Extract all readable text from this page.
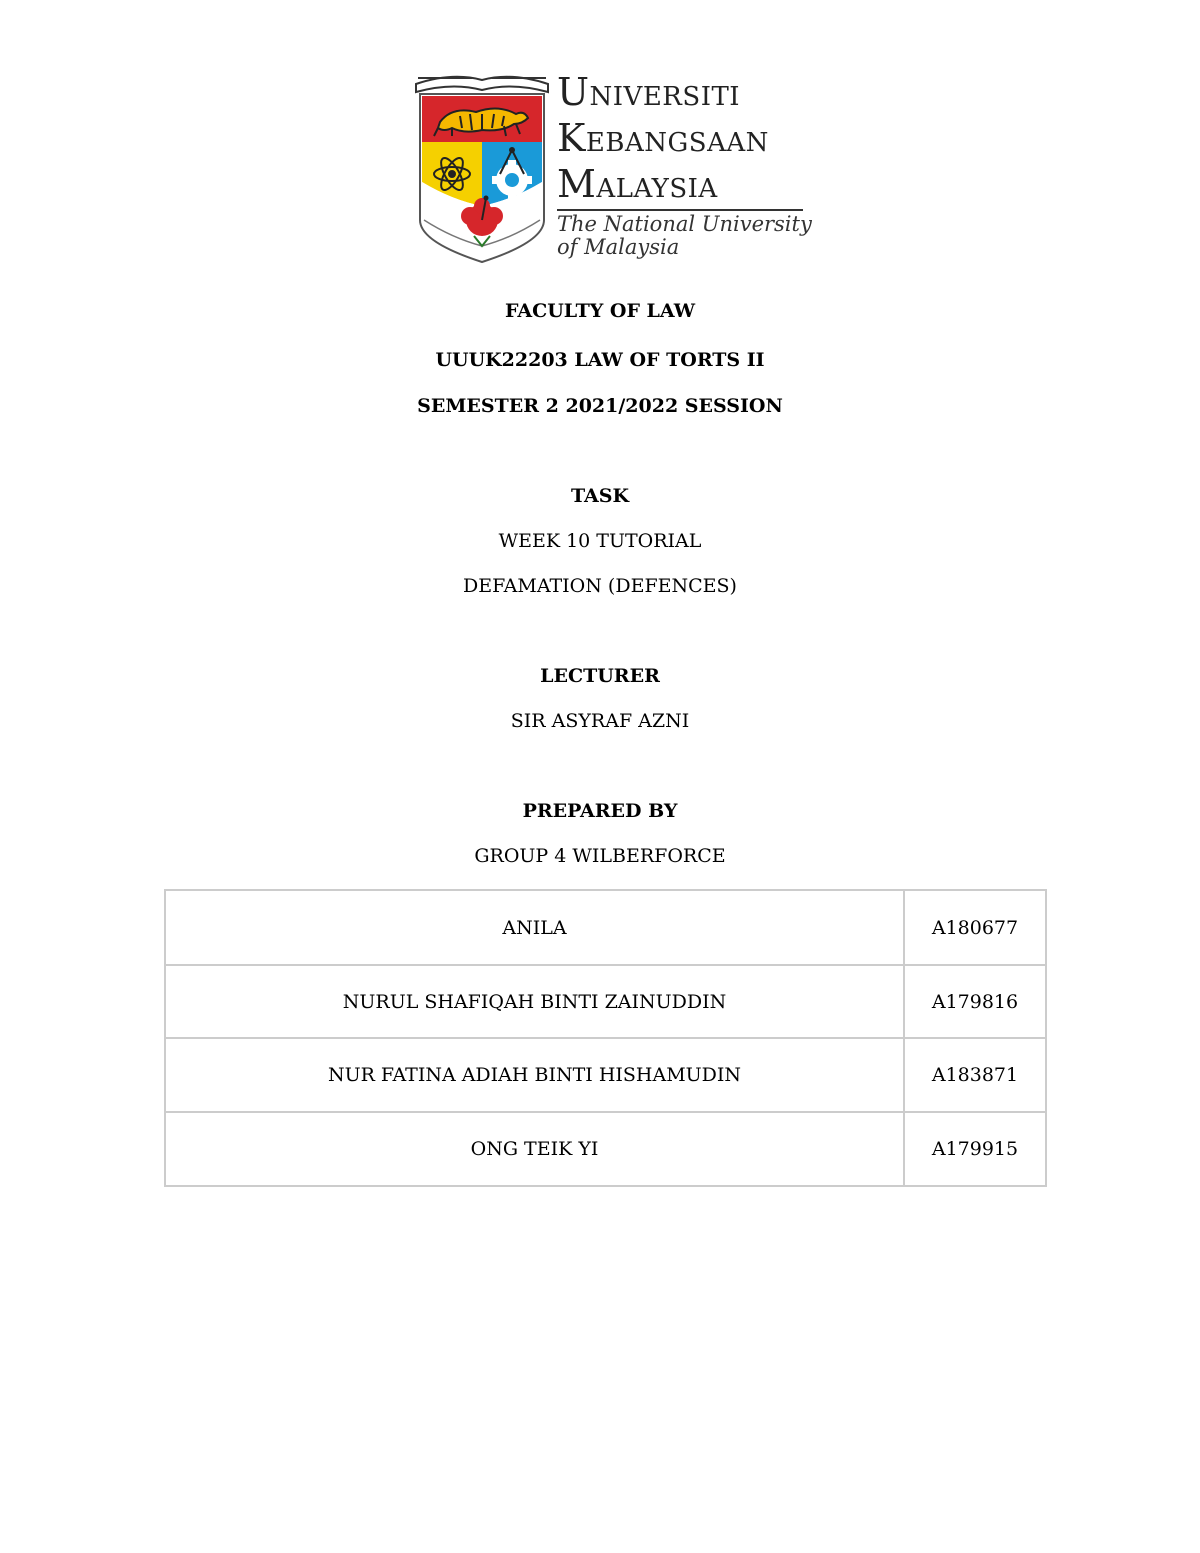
UNIVERSITI
KEBANGSAAN
MALAYSIA
The National University
of Malaysia
FACULTY OF LAW
UUUK22203 LAW OF TORTS II
SEMESTER 2 2021/2022 SESSION
TASK
WEEK 10 TUTORIAL
DEFAMATION (DEFENCES)
LECTURER
SIR ASYRAF AZNI
PREPARED BY
GROUP 4 WILBERFORCE
ANILA	A180677
NURUL SHAFIQAH BINTI ZAINUDDIN	A179816
NUR FATINA ADIAH BINTI HISHAMUDIN	A183871
ONG TEIK YI	A179915
